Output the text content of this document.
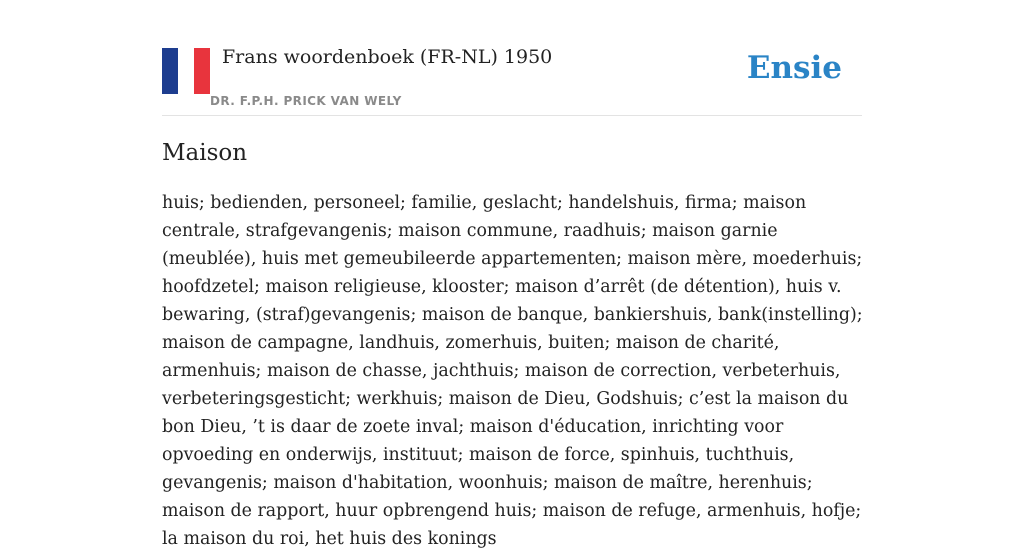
Frans woordenboek (FR-NL) 1950
DR. F.P.H. PRICK VAN WELY
Ensie
Maison

huis; bedienden, personeel; familie, geslacht; handelshuis, firma; maison centrale, strafgevangenis; maison commune, raadhuis; maison garnie (meublée), huis met gemeubileerde appartementen; maison mère, moederhuis; hoofdzetel; maison religieuse, klooster; maison d’arrêt (de détention), huis v. bewaring, (straf)gevangenis; maison de banque, bankiershuis, bank(instelling); maison de campagne, landhuis, zomerhuis, buiten; maison de charité, armenhuis; maison de chasse, jachthuis; maison de correction, verbeterhuis, verbeteringsgesticht; werkhuis; maison de Dieu, Godshuis; c’est la maison du bon Dieu, ’t is daar de zoete inval; maison d'éducation, inrichting voor opvoeding en onderwijs, instituut; maison de force, spinhuis, tuchthuis, gevangenis; maison d'habitation, woonhuis; maison de maître, herenhuis; maison de rapport, huur opbrengend huis; maison de refuge, armenhuis, hofje; la maison du roi, het huis des konings
